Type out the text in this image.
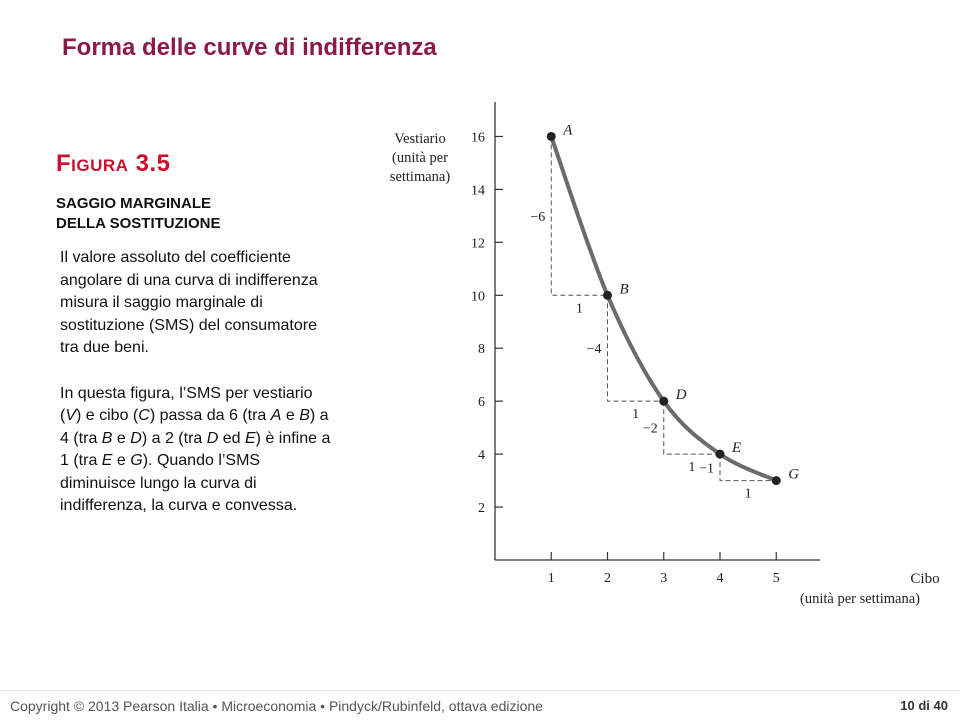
Forma delle curve di indifferenza
FIGURA 3.5
SAGGIO MARGINALE
DELLA SOSTITUZIONE

Il valore assoluto del coefficiente angolare di una curva di indifferenza misura il saggio marginale di sostituzione (SMS) del consumatore tra due beni.

In questa figura, l’SMS per vestiario (V) e cibo (C) passa da 6 (tra A e B) a 4 (tra B e D) a 2 (tra D ed E) è infine a 1 (tra E e G). Quando l’SMS diminuisce lungo la curva di indifferenza, la curva e convessa.	2
4
6
8
10
12
14
16
1	2	3	4	5
Vestiario
(unità per
settimana)
Cibo
(unità per settimana)
−6
1
−4
1
−2
1 −1
1
A
B
D
E
G
Copyright © 2013 Pearson Italia • Microeconomia • Pindyck/Rubinfeld, ottava edizione	10 di 40
